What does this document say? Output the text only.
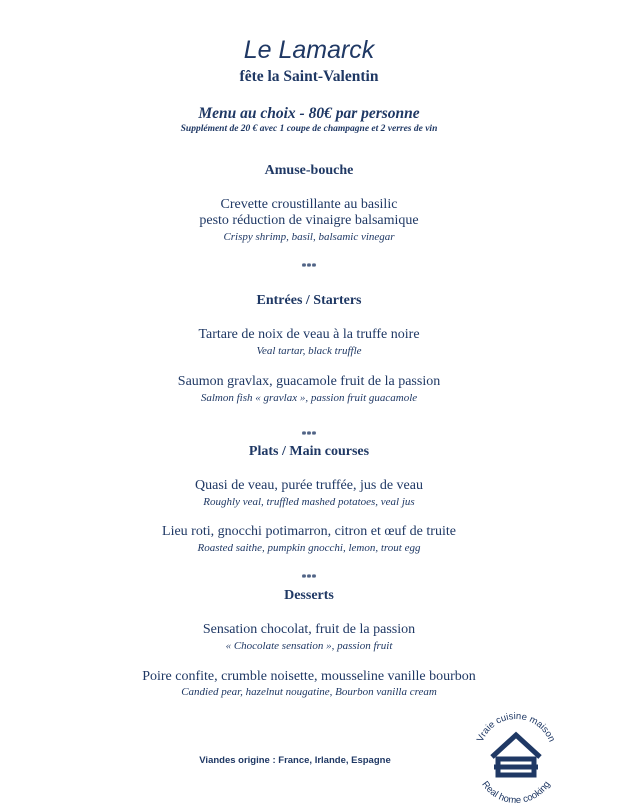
Le Lamarck
fête la Saint-Valentin
Menu au choix - 80€ par personne
Supplément de 20 € avec 1 coupe de champagne et 2 verres de vin
Amuse-bouche
Crevette croustillante au basilic
pesto réduction de vinaigre balsamique
Crispy shrimp, basil, balsamic vinegar
***
Entrées / Starters
Tartare de noix de veau à la truffe noire
Veal tartar, black truffle
Saumon gravlax, guacamole fruit de la passion
Salmon fish « gravlax », passion fruit guacamole
***
Plats / Main courses
Quasi de veau, purée truffée, jus de veau
Roughly veal, truffled mashed potatoes, veal jus
Lieu roti, gnocchi potimarron, citron et œuf de truite
Roasted saithe, pumpkin gnocchi, lemon, trout egg
***
Desserts
Sensation chocolat, fruit de la passion
« Chocolate sensation », passion fruit
Poire confite, crumble noisette, mousseline vanille bourbon
Candied pear, hazelnut nougatine, Bourbon vanilla cream
Viandes origine : France, Irlande, Espagne
Vraie cuisine maison
Real home cooking
